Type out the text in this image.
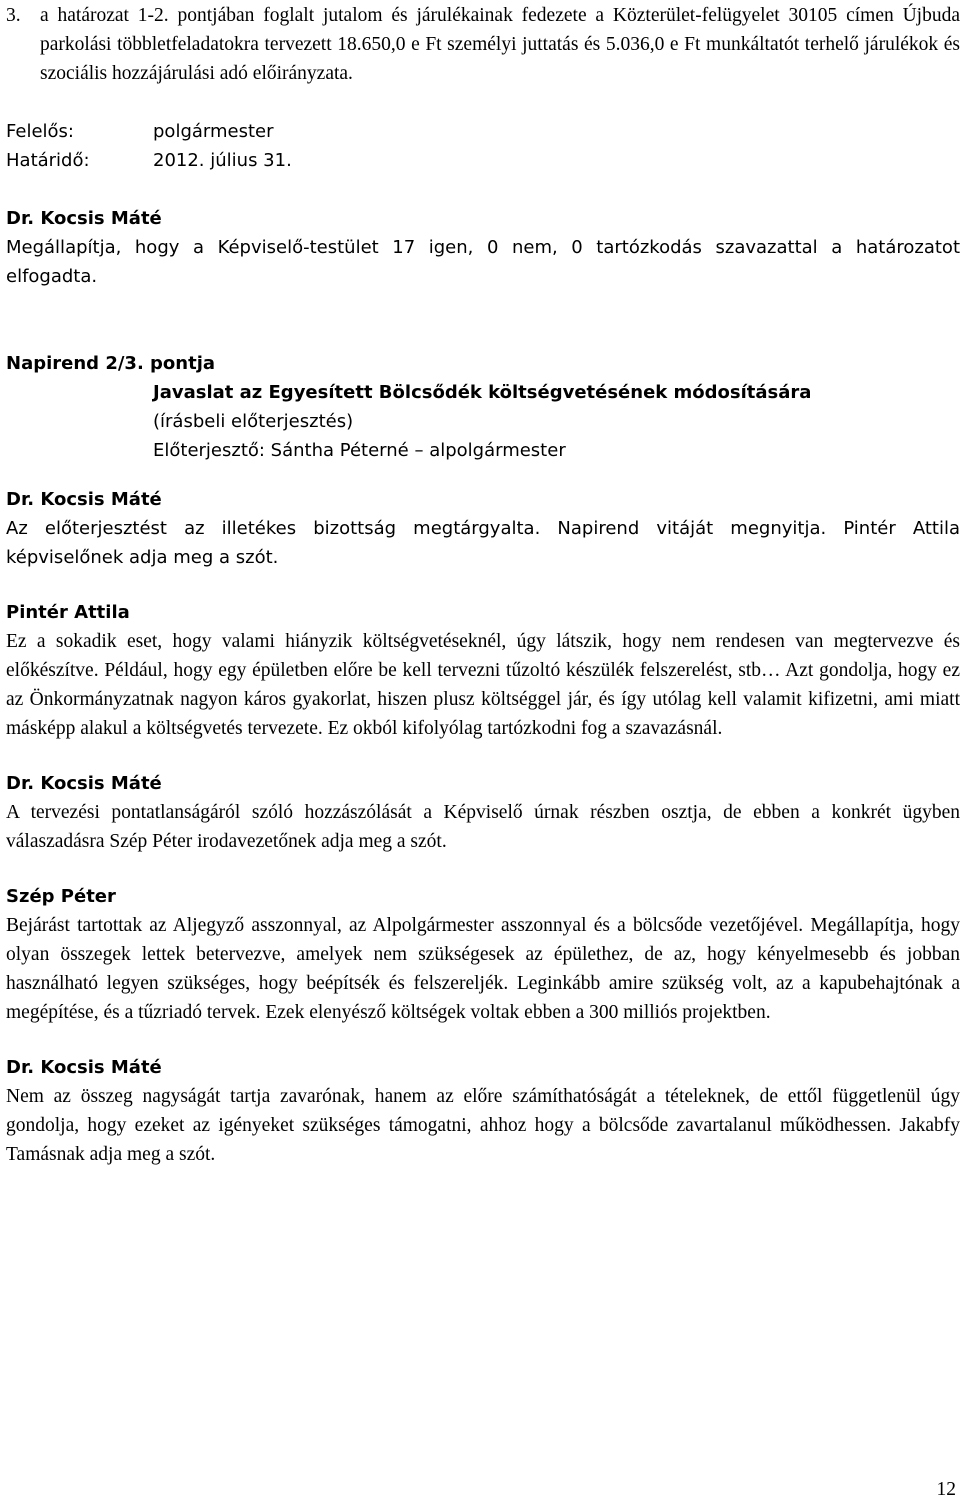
3. a határozat 1-2. pontjában foglalt jutalom és járulékainak fedezete a Közterület-felügyelet 30105 címen Újbuda parkolási többletfeladatokra tervezett 18.650,0 e Ft személyi juttatás és 5.036,0 e Ft munkáltatót terhelő járulékok és szociális hozzájárulási adó előirányzata.
Felelős:	polgármester
Határidő:	2012. július 31.
Dr. Kocsis Máté

Megállapítja, hogy a Képviselő-testület 17 igen, 0 nem, 0 tartózkodás szavazattal a határozatot elfogadta.

Napirend 2/3. pontja
Javaslat az Egyesített Bölcsődék költségvetésének módosítására
(írásbeli előterjesztés)
Előterjesztő: Sántha Péterné – alpolgármester
Dr. Kocsis Máté

Az előterjesztést az illetékes bizottság megtárgyalta. Napirend vitáját megnyitja. Pintér Attila képviselőnek adja meg a szót.

Pintér Attila

Ez a sokadik eset, hogy valami hiányzik költségvetéseknél, úgy látszik, hogy nem rendesen van megtervezve és előkészítve. Például, hogy egy épületben előre be kell tervezni tűzoltó készülék felszerelést, stb… Azt gondolja, hogy ez az Önkormányzatnak nagyon káros gyakorlat, hiszen plusz költséggel jár, és így utólag kell valamit kifizetni, ami miatt másképp alakul a költségvetés tervezete. Ez okból kifolyólag tartózkodni fog a szavazásnál.

Dr. Kocsis Máté

A tervezési pontatlanságáról szóló hozzászólását a Képviselő úrnak részben osztja, de ebben a konkrét ügyben válaszadásra Szép Péter irodavezetőnek adja meg a szót.

Szép Péter

Bejárást tartottak az Aljegyző asszonnyal, az Alpolgármester asszonnyal és a bölcsőde vezetőjével. Megállapítja, hogy olyan összegek lettek betervezve, amelyek nem szükségesek az épülethez, de az, hogy kényelmesebb és jobban használható legyen szükséges, hogy beépítsék és felszereljék. Leginkább amire szükség volt, az a kapubehajtónak a megépítése, és a tűzriadó tervek. Ezek elenyésző költségek voltak ebben a 300 milliós projektben.

Dr. Kocsis Máté

Nem az összeg nagyságát tartja zavarónak, hanem az előre számíthatóságát a tételeknek, de ettől függetlenül úgy gondolja, hogy ezeket az igényeket szükséges támogatni, ahhoz hogy a bölcsőde zavartalanul működhessen. Jakabfy Tamásnak adja meg a szót.

12
